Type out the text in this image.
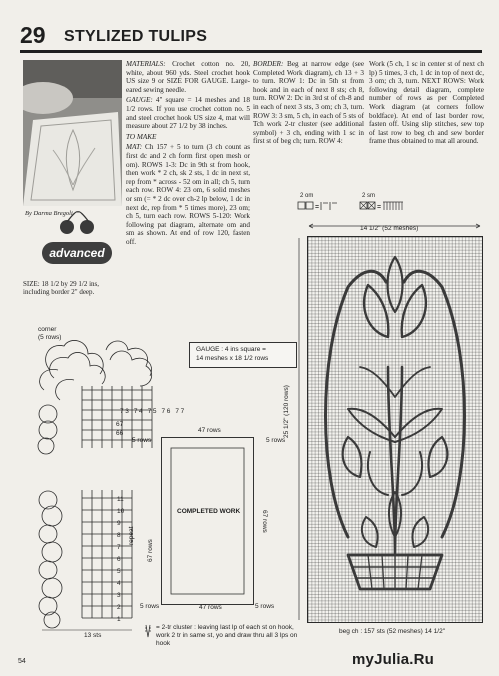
29 STYLIZED TULIPS
By Darma Bregoli
advanced
SIZE: 18 1/2 by 29 1/2 ins, including border 2" deep.

MATERIALS: Crochet cotton no. 20, white, about 960 yds. Steel crochet hook US size 9 or SIZE FOR GAUGE. Large-eared sewing needle.

GAUGE: 4" square = 14 meshes and 18 1/2 rows. If you use crochet cotton no. 5 and steel crochet hook US size 4, mat will measure about 27 1/2 by 38 inches.

TO MAKE

MAT: Ch 157 + 5 to turn (3 ch count as first dc and 2 ch form first open mesh or om). ROWS 1-3: Dc in 9th st from hook, then work * 2 ch, sk 2 sts, 1 dc in next st, rep from * across - 52 om in all; ch 5, turn each row. ROW 4: 23 om, 6 solid meshes or sm (= * 2 dc over ch-2 lp below, 1 dc in next dc, rep from * 5 times more), 23 om; ch 5, turn each row. ROWS 5-120: Work following pat diagram, alternate om and sm as shown. At end of row 120, fasten off.

BORDER: Beg at narrow edge (see Completed Work diagram), ch 13 + 3 to turn. ROW 1: Dc in 5th st from hook and in each of next 8 sts; ch 8, turn. ROW 2: Dc in 3rd st of ch-8 and in each of next 3 sts, 3 om; ch 3, turn. ROW 3: 3 sm, 5 ch, in each of 5 sts of Tch work 2-tr cluster (see additional symbol) + 3 ch, ending with 1 sc in first st of beg ch; turn. ROW 4:

Work (5 ch, 1 sc in center st of next ch lp) 5 times, 3 ch, 1 dc in top of next dc, 3 om; ch 3, turn. NEXT ROWS: Work following detail diagram, complete number of rows as per Completed Work diagram (at corners follow boldface). At end of last border row, fasten off. Using slip stitches, sew top of last row to beg ch and sew border frame thus obtained to mat all around.

2 om
=
2 sm
=
14 1/2" (52 meshes)
25 1/2" (120 rows)
beg ch : 157 sts (52 meshes) 14 1/2"
corner
(5 rows)
73 74 75 76 77
67
66
11
10
9
8
7
6
5
4
3
2
1
repeat
13 sts
GAUGE : 4 ins square =
14 meshes x 18 1/2 rows
47 rows
5 rows	5 rows
COMPLETED WORK
67 rows
67 rows
5 rows	47 rows	5 rows
= 2-tr cluster : leaving last lp of each st on hook, work 2 tr in same st, yo and draw thru all 3 lps on hook
54	myJulia.Ru
